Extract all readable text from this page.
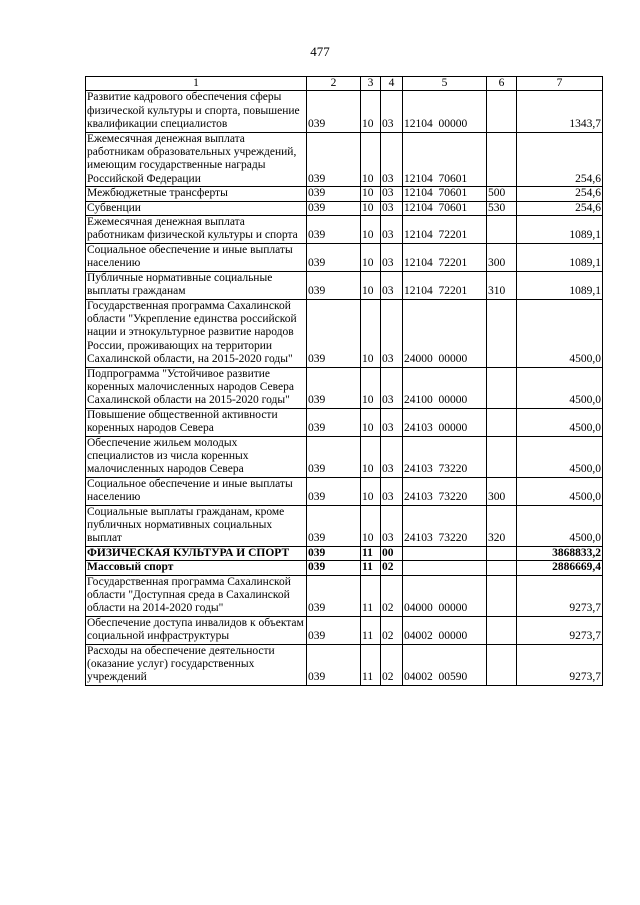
477
1	2	3	4	5	6	7
Развитие кадрового обеспечения сферы физической культуры и спорта, повышение квалификации специалистов	039	10	03	12104  00000		1343,7
Ежемесячная денежная выплата работникам образовательных учреждений, имеющим государственные награды Российской Федерации	039	10	03	12104  70601		254,6
Межбюджетные трансферты	039	10	03	12104  70601	500	254,6
Субвенции	039	10	03	12104  70601	530	254,6
Ежемесячная денежная выплата работникам физической культуры и спорта	039	10	03	12104  72201		1089,1
Социальное обеспечение и иные выплаты населению	039	10	03	12104  72201	300	1089,1
Публичные нормативные социальные выплаты гражданам	039	10	03	12104  72201	310	1089,1
Государственная программа Сахалинской области "Укрепление единства российской нации и этнокультурное развитие народов России, проживающих на территории Сахалинской области, на 2015-2020 годы"	039	10	03	24000  00000		4500,0
Подпрограмма "Устойчивое развитие коренных малочисленных народов Севера Сахалинской области на 2015-2020 годы"	039	10	03	24100  00000		4500,0
Повышение общественной активности коренных народов Севера	039	10	03	24103  00000		4500,0
Обеспечение жильем молодых специалистов из числа коренных малочисленных народов Севера	039	10	03	24103  73220		4500,0
Социальное обеспечение и иные выплаты населению	039	10	03	24103  73220	300	4500,0
Социальные выплаты гражданам, кроме публичных нормативных социальных выплат	039	10	03	24103  73220	320	4500,0
ФИЗИЧЕСКАЯ КУЛЬТУРА И СПОРТ	039	11	00			3868833,2
Массовый спорт	039	11	02			2886669,4
Государственная программа Сахалинской области "Доступная среда в Сахалинской области на 2014-2020 годы"	039	11	02	04000  00000		9273,7
Обеспечение доступа инвалидов к объектам социальной инфраструктуры	039	11	02	04002  00000		9273,7
Расходы на обеспечение деятельности (оказание услуг) государственных учреждений	039	11	02	04002  00590		9273,7
